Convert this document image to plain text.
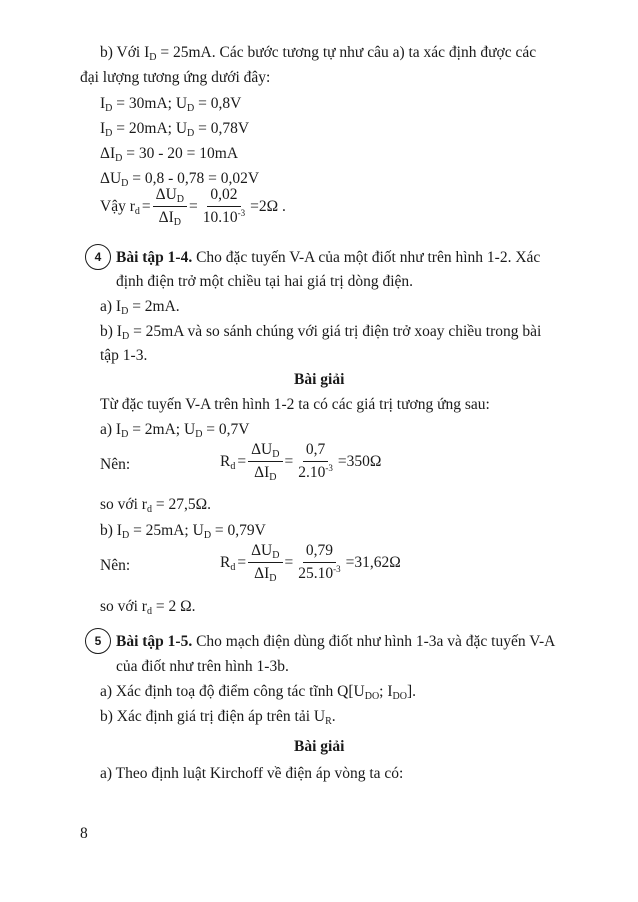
b) Với $I_D = 25mA$. Các bước tương tự như câu a) ta xác định được các
đại lượng tương ứng dưới đây:
$I_D = 30mA$; $U_D = 0,8V$
$I_D = 20mA$; $U_D = 0,78V$
$\Delta I_D = 30 - 20 = 10mA$
$\Delta U_D = 0,8 - 0,78 = 0,02V$
Vậy $r_d = \frac{\Delta U_D}{\Delta I_D} = \frac{0,02}{10.10^{-3}} =2\Omega$ .
4 Bài tập 1-4. Cho đặc tuyến V-A của một điốt như trên hình 1-2. Xác
định điện trở một chiều tại hai giá trị dòng điện.
a) $I_D = 2mA$.
b) $I_D = 25mA$ và so sánh chúng với giá trị điện trở xoay chiều trong bài
tập 1-3.
Bài giải
Từ đặc tuyến V-A trên hình 1-2 ta có các giá trị tương ứng sau:
a) $I_D = 2mA$; $U_D = 0,7V$
Nên:	$R_d = \frac{\Delta U_D}{\Delta I_D} = \frac{0,7}{2.10^{-3}} =350\Omega$
so với $r_d = 27,5\Omega$.
b) $I_D = 25mA$; $U_D = 0,79V$
Nên:	$R_d = \frac{\Delta U_D}{\Delta I_D} = \frac{0,79}{25.10^{-3}} =31,62\Omega$
so với $r_d = 2$ Ω.
5 Bài tập 1-5. Cho mạch điện dùng điốt như hình 1-3a và đặc tuyến V-A
của điốt như trên hình 1-3b.
a) Xác định toạ độ điểm công tác tĩnh $Q[U_{DO}$; $I_{DO}$].
b) Xác định giá trị điện áp trên tải $U_R$.
Bài giải
a) Theo định luật Kirchoff về điện áp vòng ta có:
8
